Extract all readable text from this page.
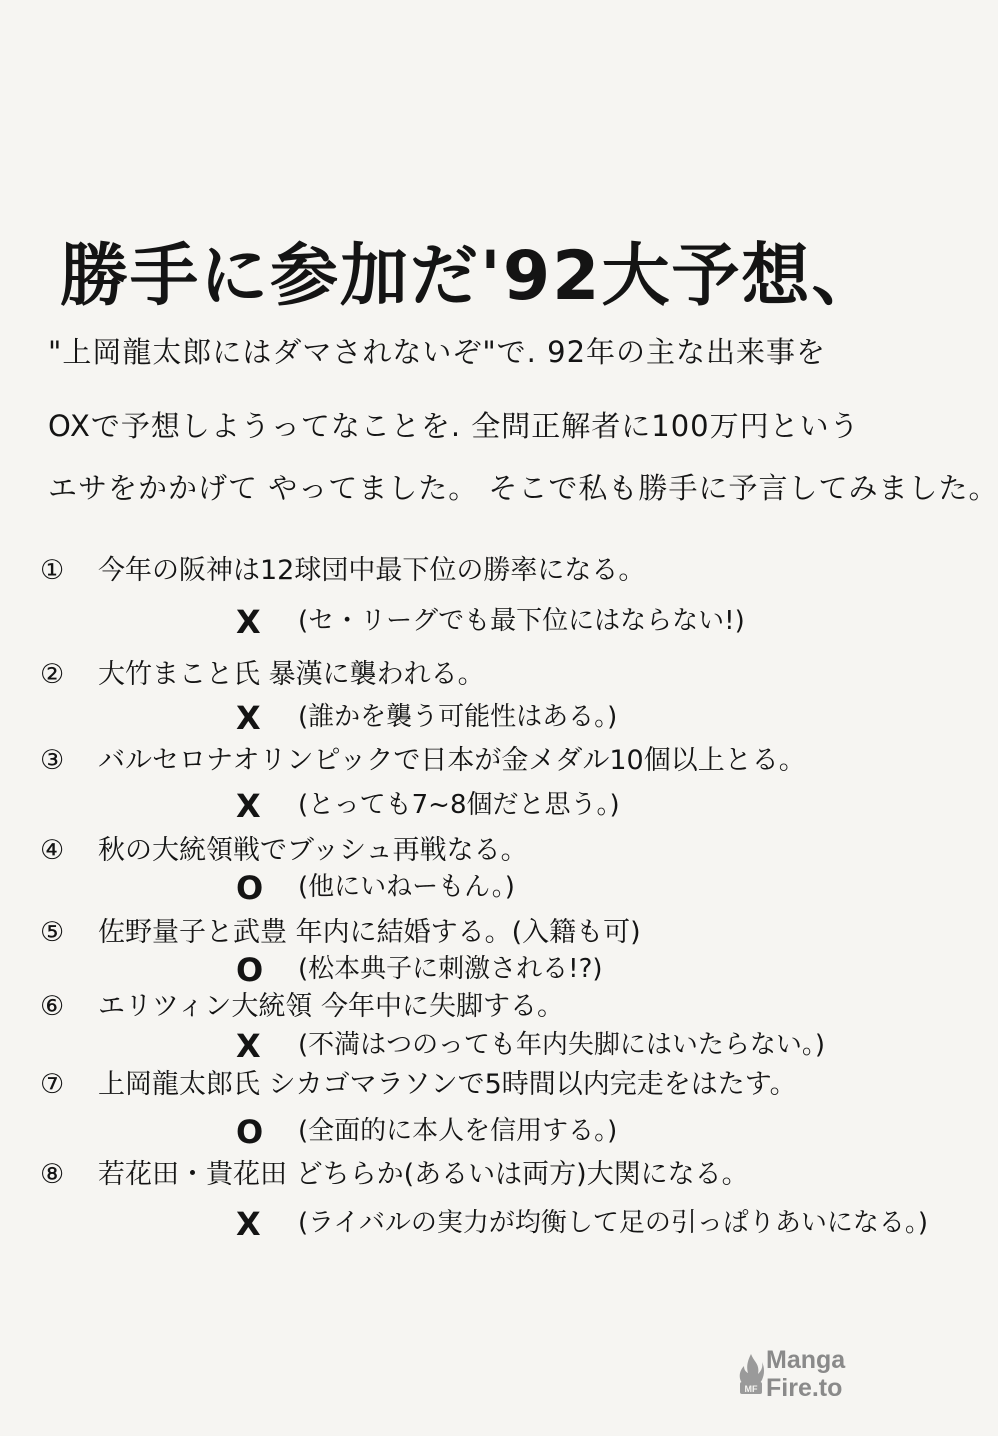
勝手に参加だ'92大予想、
"上岡龍太郎にはダマされないぞ"で. 92年の主な出来事を
OXで予想しようってなことを. 全問正解者に100万円という
エサをかかげて やってました。 そこで私も勝手に予言してみました。
① 今年の阪神は12球団中最下位の勝率になる。
X (セ・リーグでも最下位にはならない!)
② 大竹まこと氏 暴漢に襲われる。
X (誰かを襲う可能性はある。)
③ バルセロナオリンピックで日本が金メダル10個以上とる。
X (とっても7~8個だと思う。)
④ 秋の大統領戦でブッシュ再戦なる。
O (他にいねーもん。)
⑤ 佐野量子と武豊 年内に結婚する。(入籍も可)
O (松本典子に刺激される!?)
⑥ エリツィン大統領 今年中に失脚する。
X (不満はつのっても年内失脚にはいたらない。)
⑦ 上岡龍太郎氏 シカゴマラソンで5時間以内完走をはたす。
O (全面的に本人を信用する。)
⑧ 若花田・貴花田 どちらか(あるいは両方)大関になる。
X (ライバルの実力が均衡して足の引っぱりあいになる。)
MF
Manga
Fire.to
